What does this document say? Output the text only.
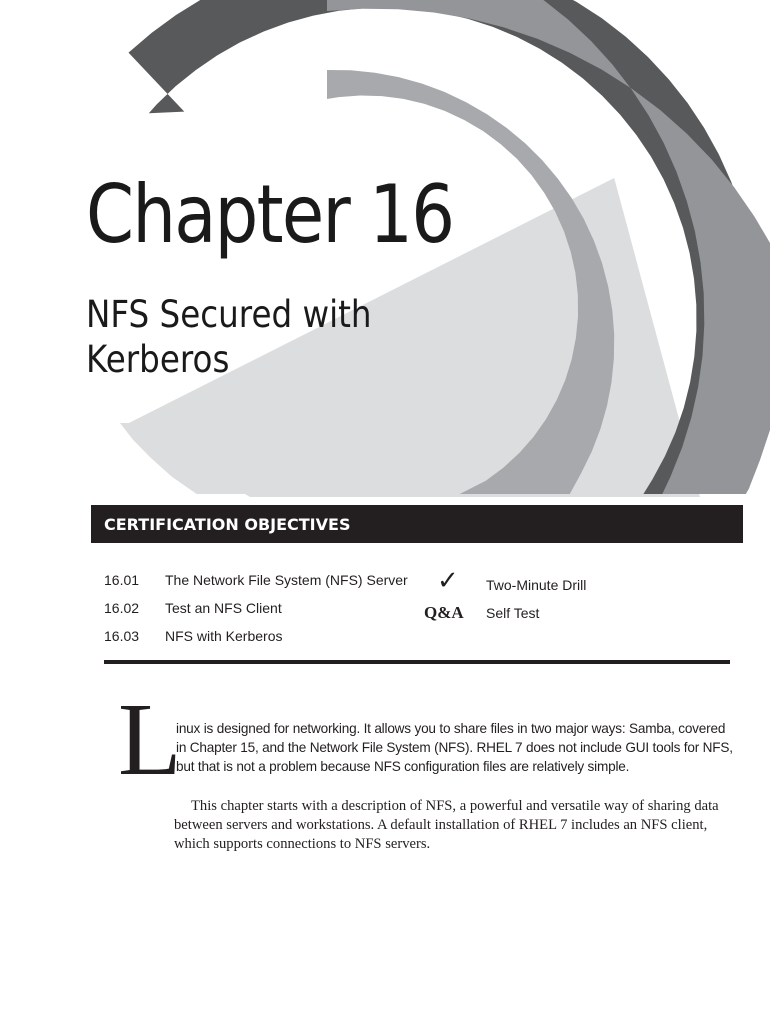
Chapter 16
NFS Secured with
Kerberos
CERTIFICATION OBJECTIVES
16.01 The Network File System (NFS) Server
16.02 Test an NFS Client
16.03 NFS with Kerberos
✓ Two-Minute Drill
Q&A Self Test
L

inux is designed for networking. It allows you to share files in two major ways: Samba, covered in Chapter 15, and the Network File System (NFS). RHEL 7 does not include GUI tools for NFS, but that is not a problem because NFS configuration files are relatively simple.

This chapter starts with a description of NFS, a powerful and versatile way of sharing data between servers and workstations. A default installation of RHEL 7 includes an NFS client, which supports connections to NFS servers.
